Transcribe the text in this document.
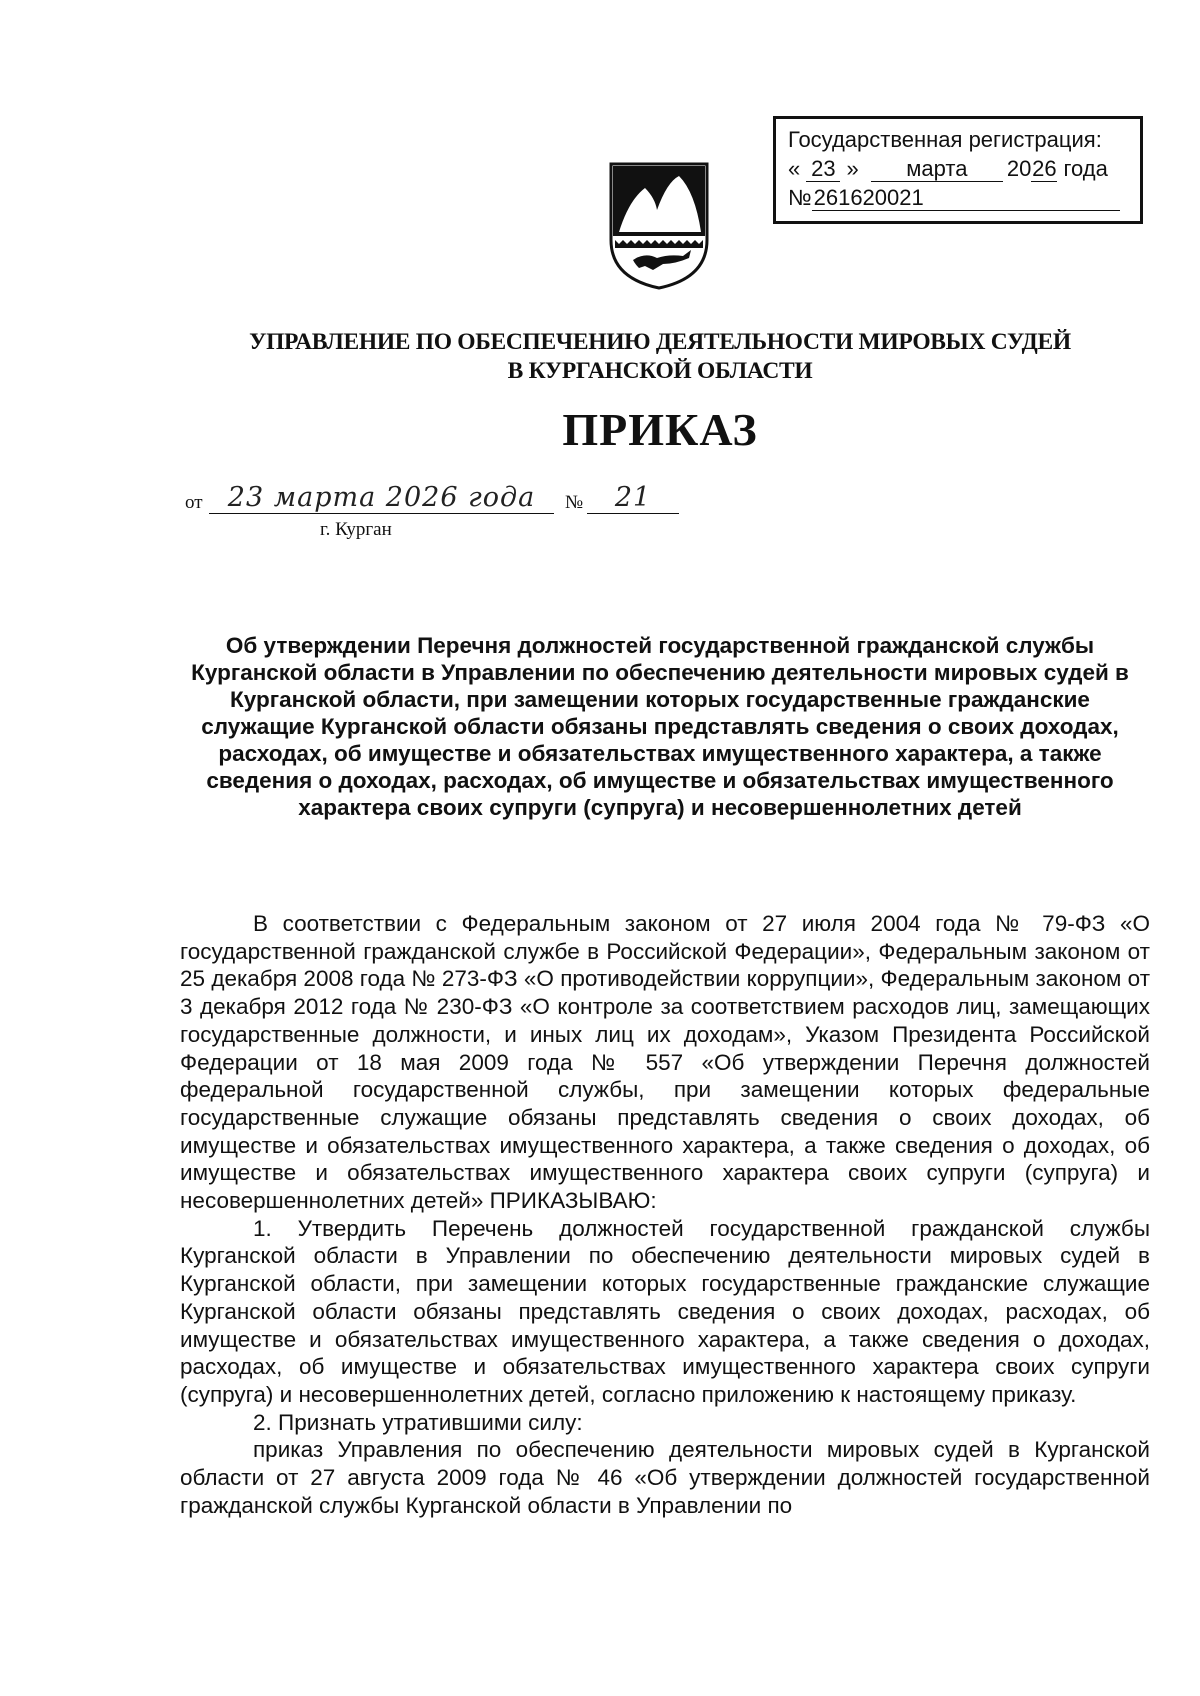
Государственная регистрация:
« 23 » марта 2026 года
№261620021
УПРАВЛЕНИЕ ПО ОБЕСПЕЧЕНИЮ ДЕЯТЕЛЬНОСТИ МИРОВЫХ СУДЕЙ
В КУРГАНСКОЙ ОБЛАСТИ
ПРИКАЗ
от 23 марта 2026 года	№	21
г. Курган
Об утверждении Перечня должностей государственной гражданской службы Курганской области в Управлении по обеспечению деятельности мировых судей в Курганской области, при замещении которых государственные гражданские служащие Курганской области обязаны представлять сведения о своих доходах, расходах, об имуществе и обязательствах имущественного характера, а также сведения о доходах, расходах, об имуществе и обязательствах имущественного характера своих супруги (супруга) и несовершеннолетних детей

В соответствии с Федеральным законом от 27 июля 2004 года № 79-ФЗ «О государственной гражданской службе в Российской Федерации», Федеральным законом от 25 декабря 2008 года № 273-ФЗ «О противодействии коррупции», Федеральным законом от 3 декабря 2012 года № 230-ФЗ «О контроле за соответствием расходов лиц, замещающих государственные должности, и иных лиц их доходам», Указом Президента Российской Федерации от 18 мая 2009 года № 557 «Об утверждении Перечня должностей федеральной государственной службы, при замещении которых федеральные государственные служащие обязаны представлять сведения о своих доходах, об имуществе и обязательствах имущественного характера, а также сведения о доходах, об имуществе и обязательствах имущественного характера своих супруги (супруга) и несовершеннолетних детей» ПРИКАЗЫВАЮ:

1. Утвердить Перечень должностей государственной гражданской службы Курганской области в Управлении по обеспечению деятельности мировых судей в Курганской области, при замещении которых государственные гражданские служащие Курганской области обязаны представлять сведения о своих доходах, расходах, об имуществе и обязательствах имущественного характера, а также сведения о доходах, расходах, об имуществе и обязательствах имущественного характера своих супруги (супруга) и несовершеннолетних детей, согласно приложению к настоящему приказу.

2. Признать утратившими силу:

приказ Управления по обеспечению деятельности мировых судей в Курганской области от 27 августа 2009 года № 46 «Об утверждении должностей государственной гражданской службы Курганской области в Управлении по
